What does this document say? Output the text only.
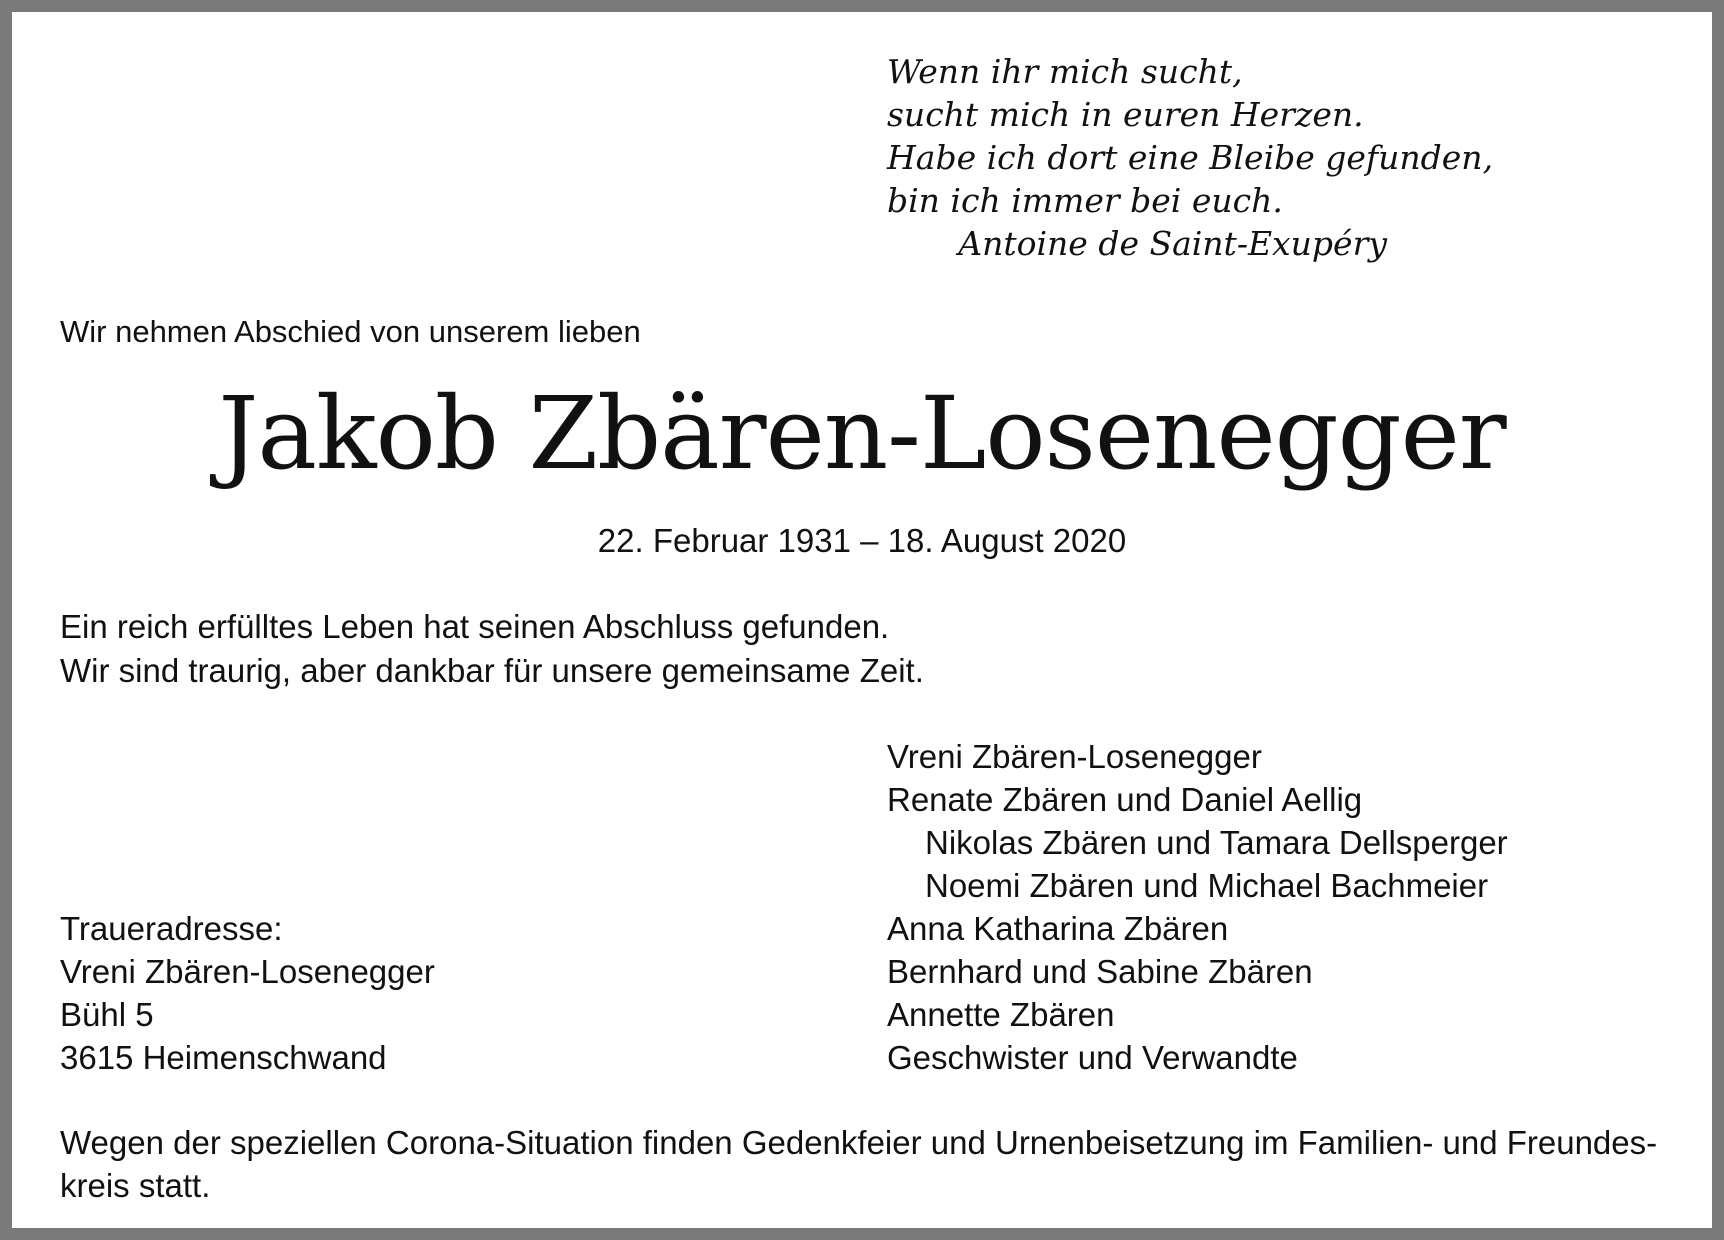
Wenn ihr mich sucht,
sucht mich in euren Herzen.
Habe ich dort eine Bleibe gefunden,
bin ich immer bei euch.
Antoine de Saint-Exupéry
Wir nehmen Abschied von unserem lieben
Jakob Zbären-Losenegger
22. Februar 1931 – 18. August 2020
Ein reich erfülltes Leben hat seinen Abschluss gefunden.
Wir sind traurig, aber dankbar für unsere gemeinsame Zeit.
Vreni Zbären-Losenegger
Renate Zbären und Daniel Aellig
Nikolas Zbären und Tamara Dellsperger
Noemi Zbären und Michael Bachmeier
Anna Katharina Zbären
Bernhard und Sabine Zbären
Annette Zbären
Geschwister und Verwandte
Traueradresse:
Vreni Zbären-Losenegger
Bühl 5
3615 Heimenschwand
Wegen der speziellen Corona-Situation finden Gedenkfeier und Urnenbeisetzung im Familien- und Freundes-
kreis statt.
